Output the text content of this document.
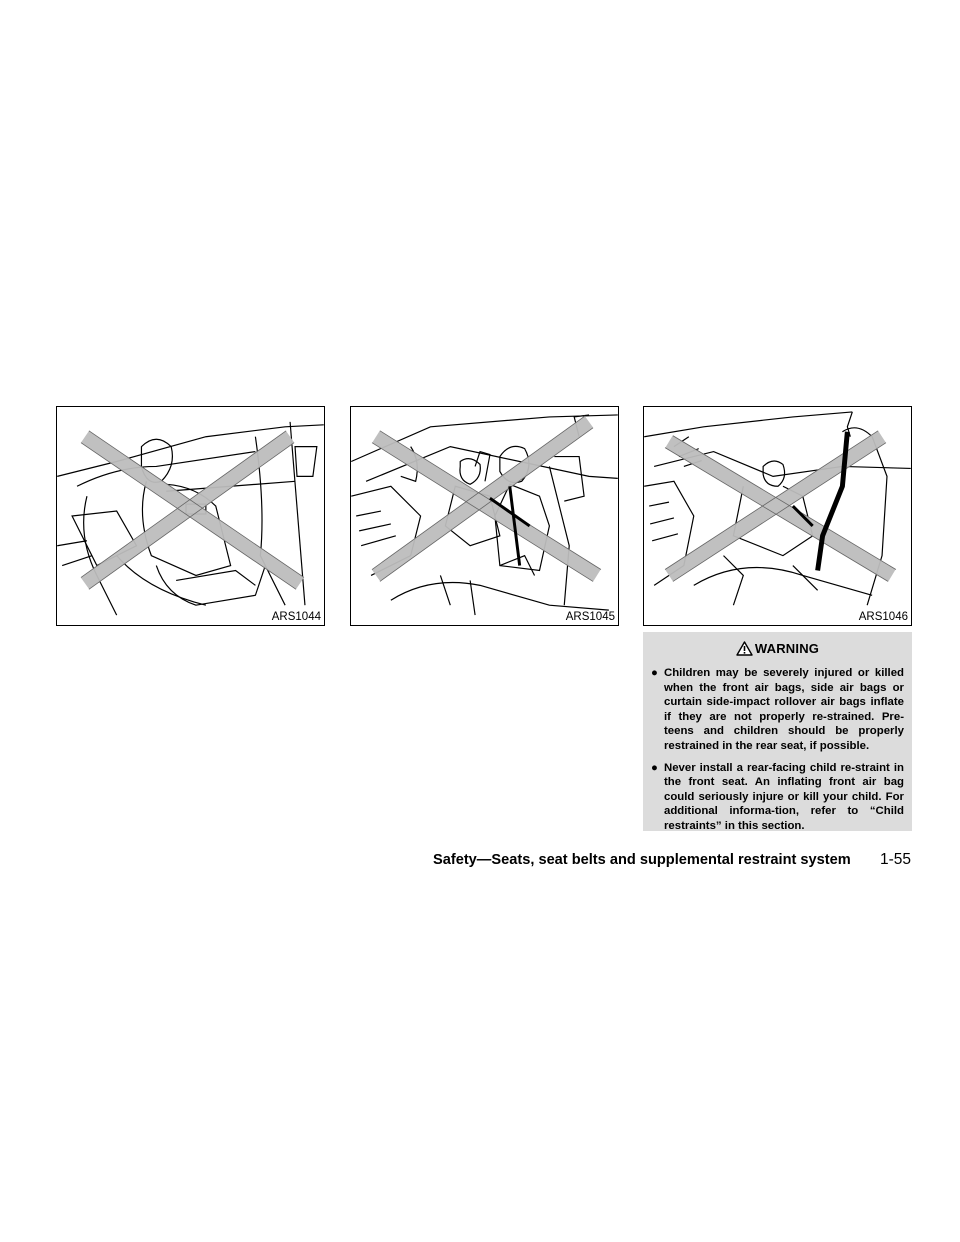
ARS1044	ARS1045	ARS1046
WARNING
● Children may be severely injured or killed when the front air bags, side air bags or curtain side-impact rollover air bags inflate if they are not properly re-strained. Pre-teens and children should be properly restrained in the rear seat, if possible.
● Never install a rear-facing child re-straint in the front seat. An inflating front air bag could seriously injure or kill your child. For additional informa-tion, refer to “Child restraints” in this section.
Safety—Seats, seat belts and supplemental restraint system 1-55
